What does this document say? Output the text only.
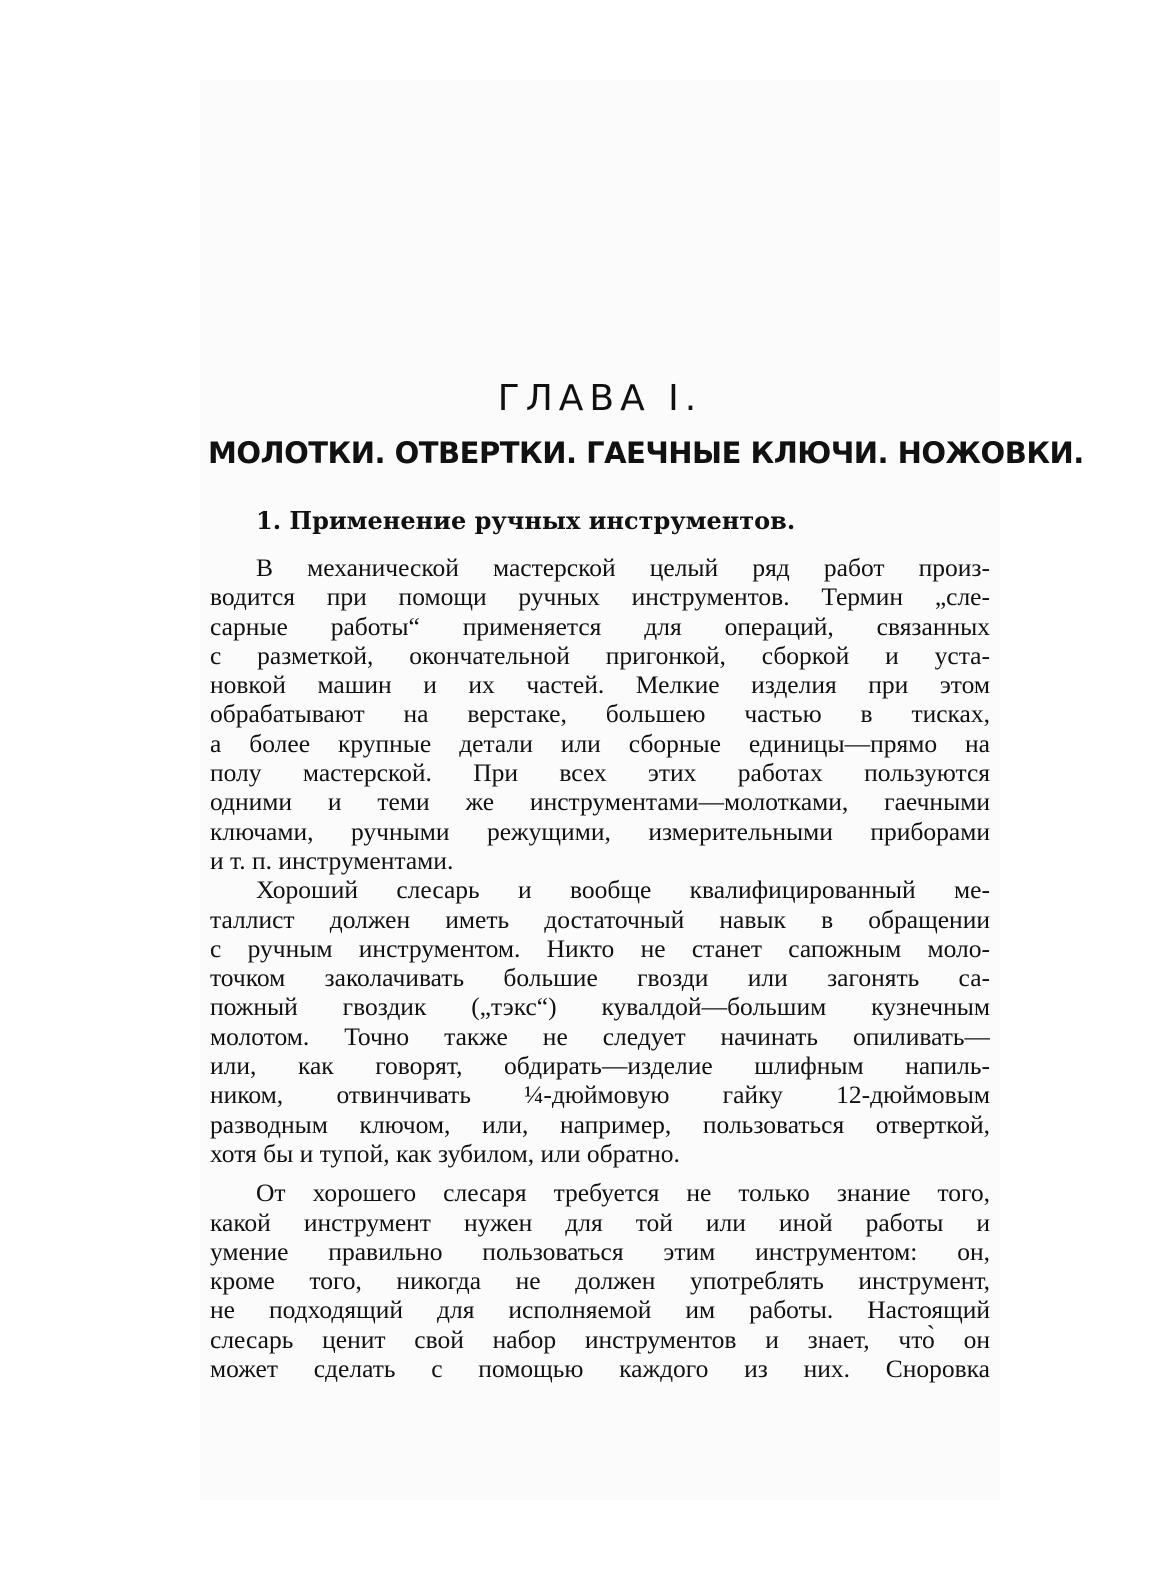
ГЛАВА I.
МОЛОТКИ. ОТВЕРТКИ. ГАЕЧНЫЕ КЛЮЧИ. НОЖОВКИ.
1. Применение ручных инструментов.
В механической мастерской целый ряд работ произ-
водится при помощи ручных инструментов. Термин „сле-
сарные работы“ применяется для операций, связанных
с разметкой, окончательной пригонкой, сборкой и уста-
новкой машин и их частей. Мелкие изделия при этом
обрабатывают на верстаке, большею частью в тисках,
а более крупные детали или сборные единицы—прямо на
полу мастерской. При всех этих работах пользуются
одними и теми же инструментами—молотками, гаечными
ключами, ручными режущими, измерительными приборами
и т. п. инструментами.
Хороший слесарь и вообще квалифицированный ме-
таллист должен иметь достаточный навык в обращении
с ручным инструментом. Никто не станет сапожным моло-
точком заколачивать большие гвозди или загонять са-
пожный гвоздик („тэкс“) кувалдой—большим кузнечным
молотом. Точно также не следует начинать опиливать—
или, как говорят, обдирать—изделие шлифным напиль-
ником, отвинчивать ¼-дюймовую гайку 12-дюймовым
разводным ключом, или, например, пользоваться отверткой,
хотя бы и тупой, как зубилом, или обратно.
От хорошего слесаря требуется не только знание того,
какой инструмент нужен для той или иной работы и
умение правильно пользоваться этим инструментом: он,
кроме того, никогда не должен употреблять инструмент,
не подходящий для исполняемой им работы. Настоящий
слесарь ценит свой набор инструментов и знает, что̀ он
может сделать с помощью каждого из них. Сноровка
